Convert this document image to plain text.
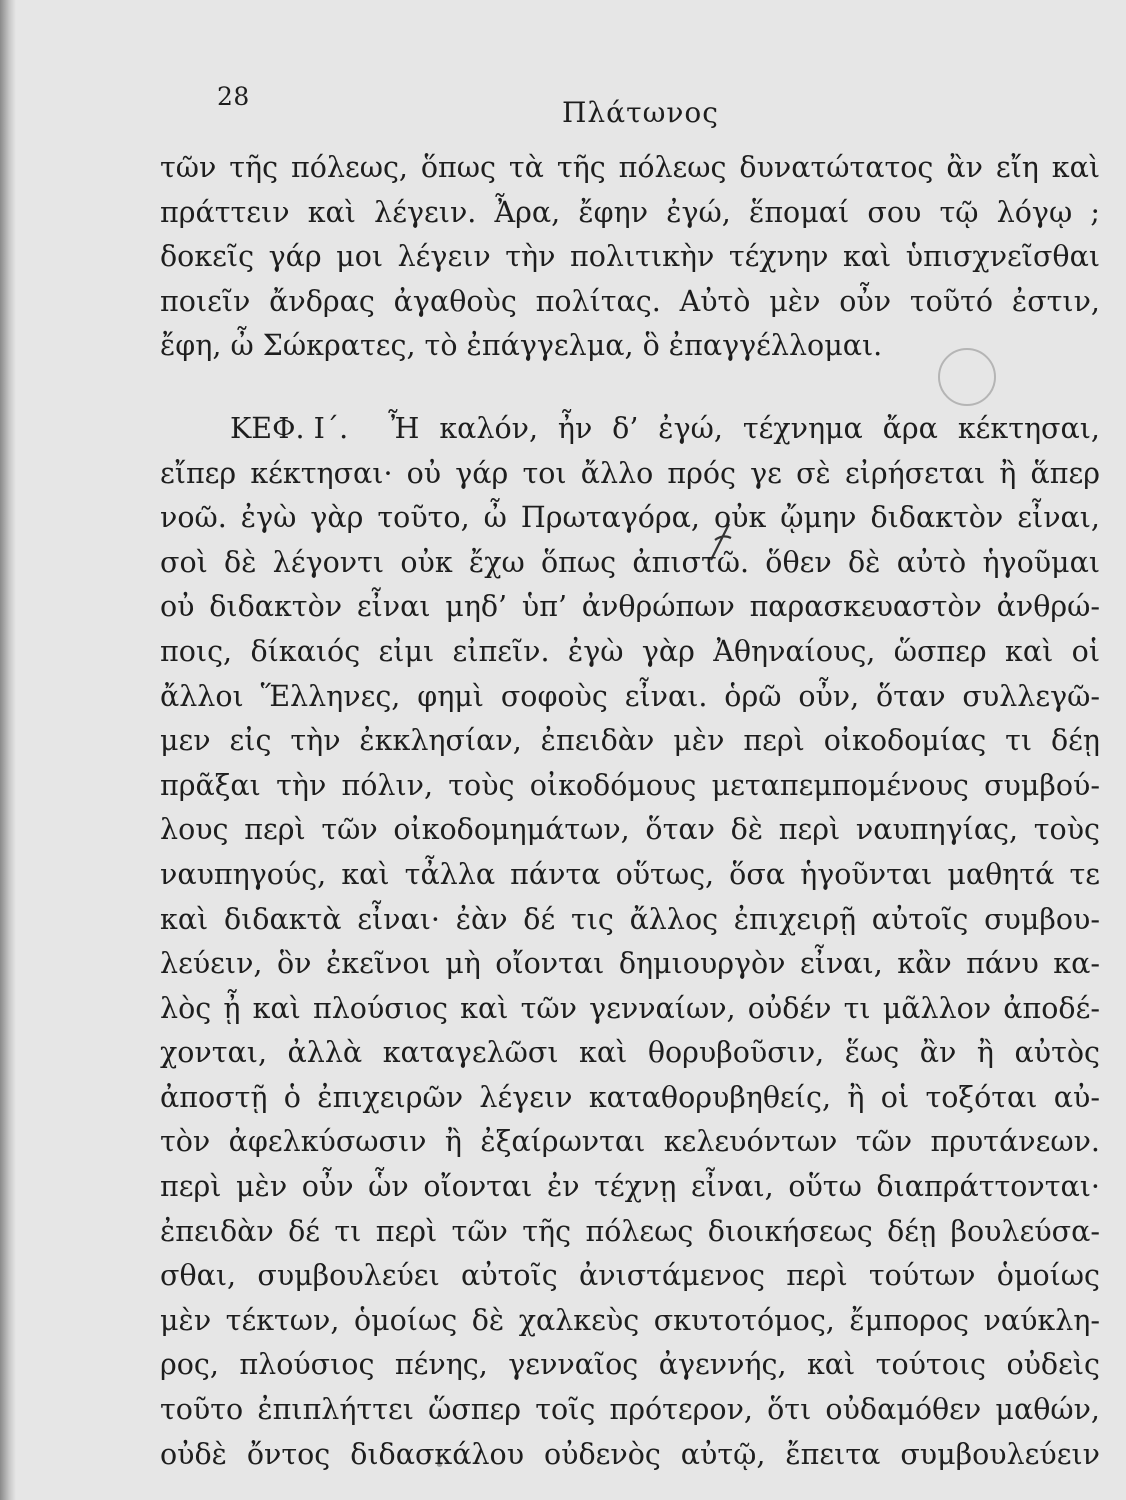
28	Πλάτωνος
τῶν τῆς πόλεως, ὅπως τὰ τῆς πόλεως δυνατώτατος ἂν εἴη καὶ
πράττειν καὶ λέγειν. Ἆρα, ἔφην ἐγώ, ἕπομαί σου τῷ λόγῳ ;
δοκεῖς γάρ μοι λέγειν τὴν πολιτικὴν τέχνην καὶ ὑπισχνεῖσθαι
ποιεῖν ἄνδρας ἀγαθοὺς πολίτας. Αὐτὸ μὲν οὖν τοῦτό ἐστιν,
ἔφη, ὦ Σώκρατες, τὸ ἐπάγγελμα, ὃ ἐπαγγέλλομαι.
ΚΕΦ. Ι΄. Ἦ καλόν, ἦν δ’ ἐγώ, τέχνημα ἄρα κέκτησαι,
εἴπερ κέκτησαι· οὐ γάρ τοι ἄλλο πρός γε σὲ εἰρήσεται ἢ ἅπερ
νοῶ. ἐγὼ γὰρ τοῦτο, ὦ Πρωταγόρα, οὐκ ᾤμην διδακτὸν εἶναι,
σοὶ δὲ λέγοντι οὐκ ἔχω ὅπως ἀπιστῶ. ὅθεν δὲ αὐτὸ ἡγοῦμαι
οὐ διδακτὸν εἶναι μηδ’ ὑπ’ ἀνθρώπων παρασκευαστὸν ἀνθρώ-
ποις, δίκαιός εἰμι εἰπεῖν. ἐγὼ γὰρ Ἀθηναίους, ὥσπερ καὶ οἱ
ἄλλοι Ἕλληνες, φημὶ σοφοὺς εἶναι. ὁρῶ οὖν, ὅταν συλλεγῶ-
μεν εἰς τὴν ἐκκλησίαν, ἐπειδὰν μὲν περὶ οἰκοδομίας τι δέῃ
πρᾶξαι τὴν πόλιν, τοὺς οἰκοδόμους μεταπεμπομένους συμβού-
λους περὶ τῶν οἰκοδομημάτων, ὅταν δὲ περὶ ναυπηγίας, τοὺς
ναυπηγούς, καὶ τἆλλα πάντα οὕτως, ὅσα ἡγοῦνται μαθητά τε
καὶ διδακτὰ εἶναι· ἐὰν δέ τις ἄλλος ἐπιχειρῇ αὐτοῖς συμβου-
λεύειν, ὃν ἐκεῖνοι μὴ οἴονται δημιουργὸν εἶναι, κἂν πάνυ κα-
λὸς ᾖ καὶ πλούσιος καὶ τῶν γενναίων, οὐδέν τι μᾶλλον ἀποδέ-
χονται, ἀλλὰ καταγελῶσι καὶ θορυβοῦσιν, ἕως ἂν ἢ αὐτὸς
ἀποστῇ ὁ ἐπιχειρῶν λέγειν καταθορυβηθείς, ἢ οἱ τοξόται αὐ-
τὸν ἀφελκύσωσιν ἢ ἐξαίρωνται κελευόντων τῶν πρυτάνεων.
περὶ μὲν οὖν ὧν οἴονται ἐν τέχνῃ εἶναι, οὕτω διαπράττονται·
ἐπειδὰν δέ τι περὶ τῶν τῆς πόλεως διοικήσεως δέῃ βουλεύσα-
σθαι, συμβουλεύει αὐτοῖς ἀνιστάμενος περὶ τούτων ὁμοίως
μὲν τέκτων, ὁμοίως δὲ χαλκεὺς σκυτοτόμος, ἔμπορος ναύκλη-
ρος, πλούσιος πένης, γενναῖος ἀγεννής, καὶ τούτοις οὐδεὶς
τοῦτο ἐπιπλήττει ὥσπερ τοῖς πρότερον, ὅτι οὐδαμόθεν μαθών,
οὐδὲ ὄντος διδασκάλου οὐδενὸς αὐτῷ, ἔπειτα συμβουλεύειν
